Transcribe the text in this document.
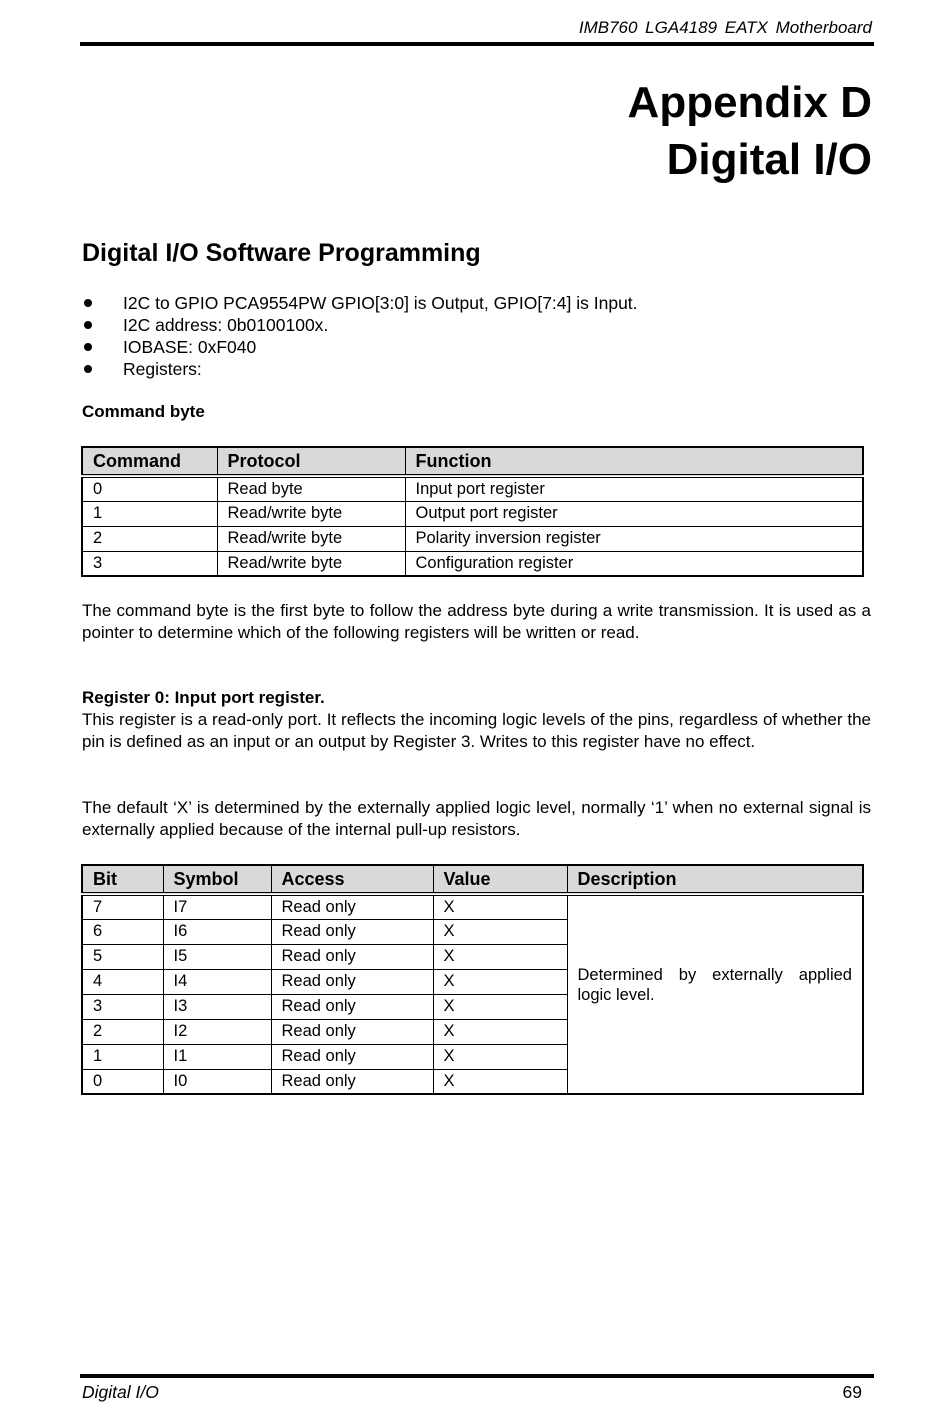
IMB760 LGA4189 EATX Motherboard
Appendix D
Digital I/O
Digital I/O Software Programming
I2C to GPIO PCA9554PW GPIO[3:0] is Output, GPIO[7:4] is Input.
I2C address: 0b0100100x.
IOBASE: 0xF040
Registers:
Command byte
Command	Protocol	Function
0	Read byte	Input port register
1	Read/write byte	Output port register
2	Read/write byte	Polarity inversion register
3	Read/write byte	Configuration register

The command byte is the first byte to follow the address byte during a write transmission. It is used as a pointer to determine which of the following registers will be written or read.

Register 0: Input port register.
This register is a read-only port. It reflects the incoming logic levels of the pins, regardless of whether the pin is defined as an input or an output by Register 3. Writes to this register have no effect.

The default ‘X’ is determined by the externally applied logic level, normally ‘1’ when no external signal is externally applied because of the internal pull-up resistors.

Bit	Symbol	Access	Value	Description
7	I7	Read only	X	Determined by externally applied logic level.
6	I6	Read only	X	
5	I5	Read only	X	
4	I4	Read only	X	
3	I3	Read only	X	
2	I2	Read only	X	
1	I1	Read only	X	
0	I0	Read only	X	
Digital I/O	69
